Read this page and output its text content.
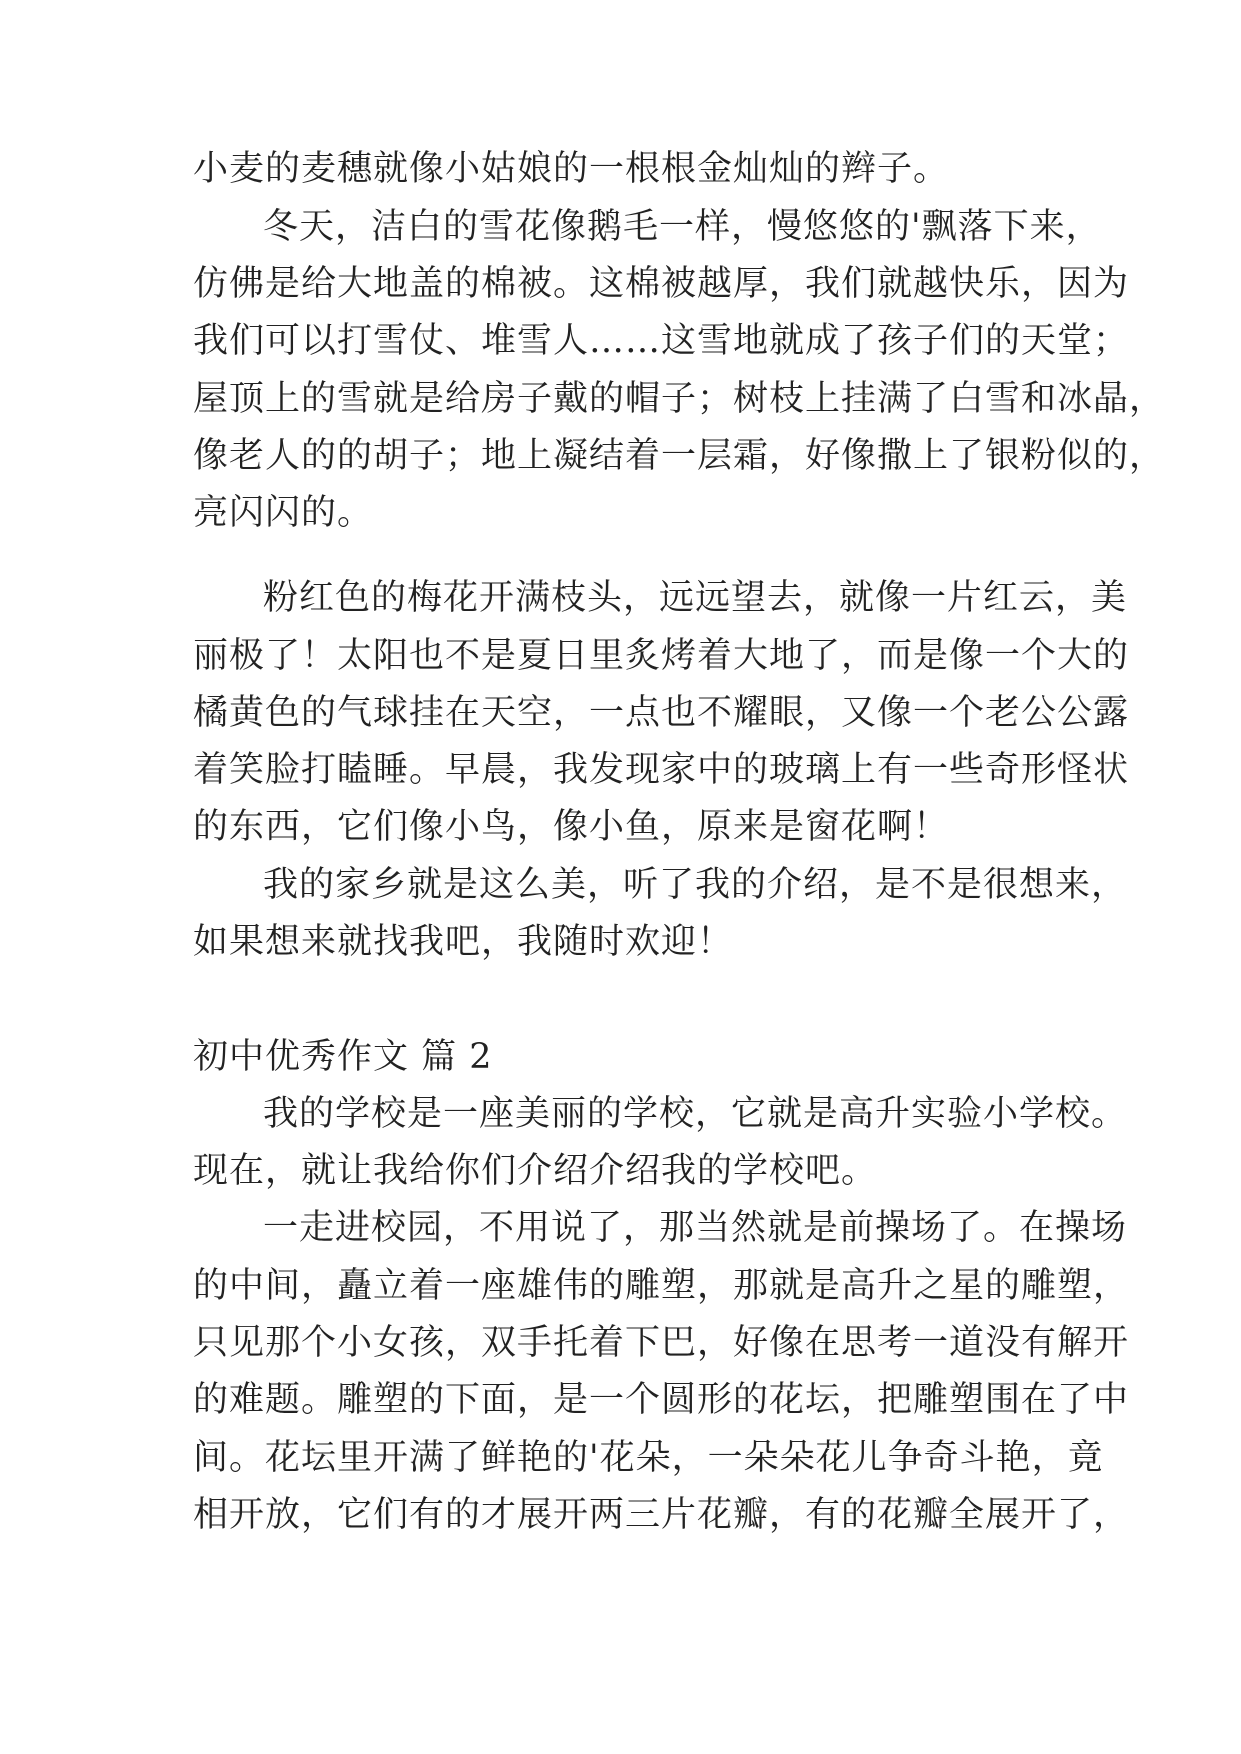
小麦的麦穗就像小姑娘的一根根金灿灿的辫子。
冬天，洁白的雪花像鹅毛一样，慢悠悠的'飘落下来，
仿佛是给大地盖的棉被。这棉被越厚，我们就越快乐，因为
我们可以打雪仗、堆雪人……这雪地就成了孩子们的天堂；
屋顶上的雪就是给房子戴的帽子；树枝上挂满了白雪和冰晶，
像老人的的胡子；地上凝结着一层霜，好像撒上了银粉似的，
亮闪闪的。
粉红色的梅花开满枝头，远远望去，就像一片红云，美
丽极了！太阳也不是夏日里炙烤着大地了，而是像一个大的
橘黄色的气球挂在天空，一点也不耀眼，又像一个老公公露
着笑脸打瞌睡。早晨，我发现家中的玻璃上有一些奇形怪状
的东西，它们像小鸟，像小鱼，原来是窗花啊！
我的家乡就是这么美，听了我的介绍，是不是很想来，
如果想来就找我吧，我随时欢迎！
初中优秀作文 篇 2
我的学校是一座美丽的学校，它就是高升实验小学校。
现在，就让我给你们介绍介绍我的学校吧。
一走进校园，不用说了，那当然就是前操场了。在操场
的中间，矗立着一座雄伟的雕塑，那就是高升之星的雕塑，
只见那个小女孩，双手托着下巴，好像在思考一道没有解开
的难题。雕塑的下面，是一个圆形的花坛，把雕塑围在了中
间。花坛里开满了鲜艳的'花朵，一朵朵花儿争奇斗艳，竟
相开放，它们有的才展开两三片花瓣，有的花瓣全展开了，
